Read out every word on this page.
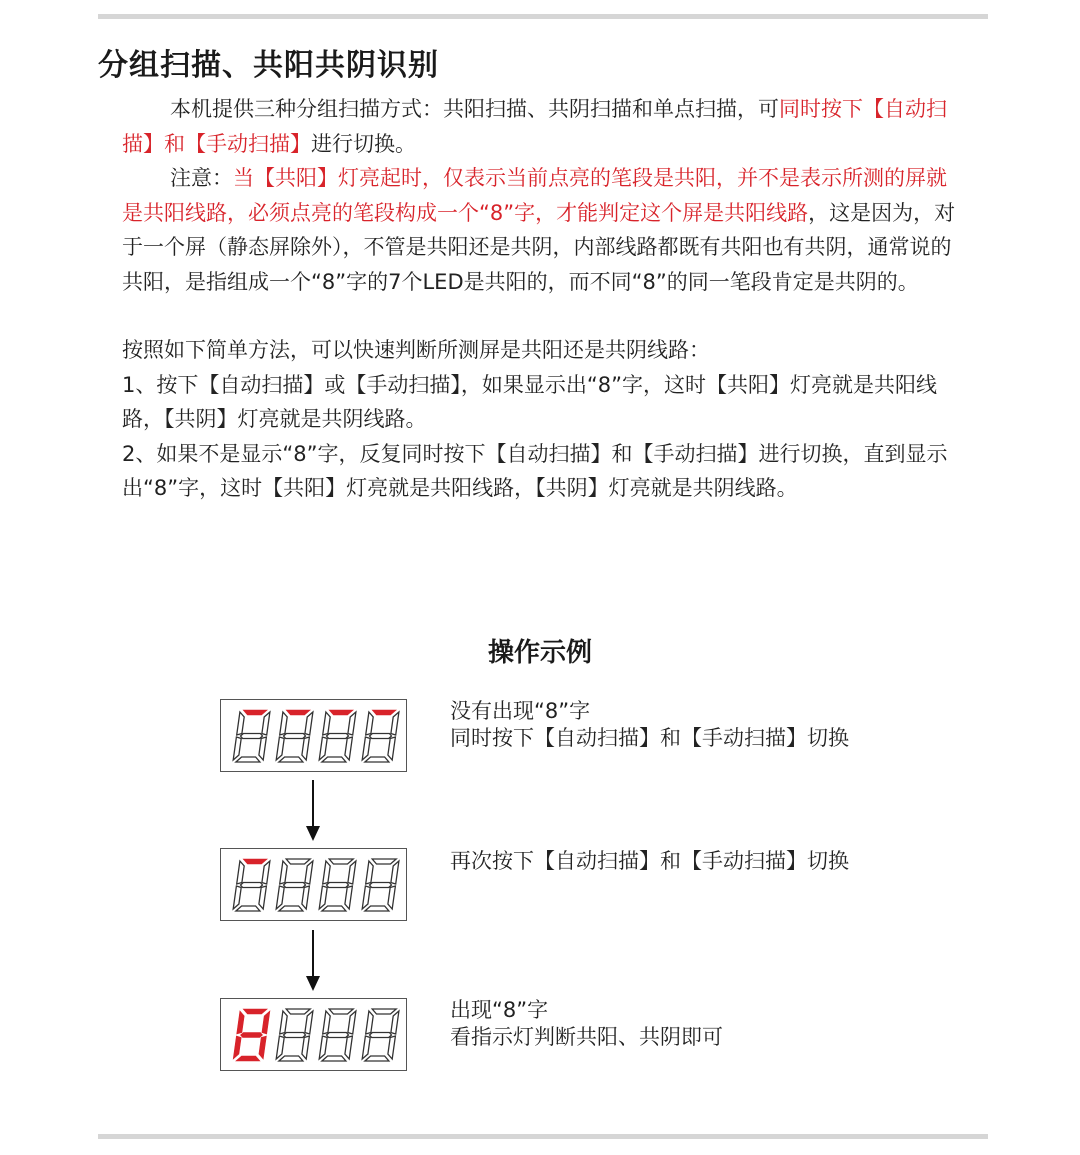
分组扫描、共阳共阴识别

本机提供三种分组扫描方式：共阳扫描、共阴扫描和单点扫描，可同时按下【自动扫描】和【手动扫描】进行切换。

注意：当【共阳】灯亮起时，仅表示当前点亮的笔段是共阳，并不是表示所测的屏就是共阳线路，必须点亮的笔段构成一个“8”字，才能判定这个屏是共阳线路，这是因为，对于一个屏（静态屏除外），不管是共阳还是共阴，内部线路都既有共阳也有共阴，通常说的共阳，是指组成一个“8”字的7个LED是共阳的，而不同“8”的同一笔段肯定是共阴的。

按照如下简单方法，可以快速判断所测屏是共阳还是共阴线路：

1、按下【自动扫描】或【手动扫描】，如果显示出“8”字，这时【共阳】灯亮就是共阳线路，【共阴】灯亮就是共阴线路。

2、如果不是显示“8”字，反复同时按下【自动扫描】和【手动扫描】进行切换，直到显示出“8”字，这时【共阳】灯亮就是共阳线路，【共阴】灯亮就是共阴线路。

操作示例
没有出现“8”字
同时按下【自动扫描】和【手动扫描】切换
再次按下【自动扫描】和【手动扫描】切换
出现“8”字
看指示灯判断共阳、共阴即可
